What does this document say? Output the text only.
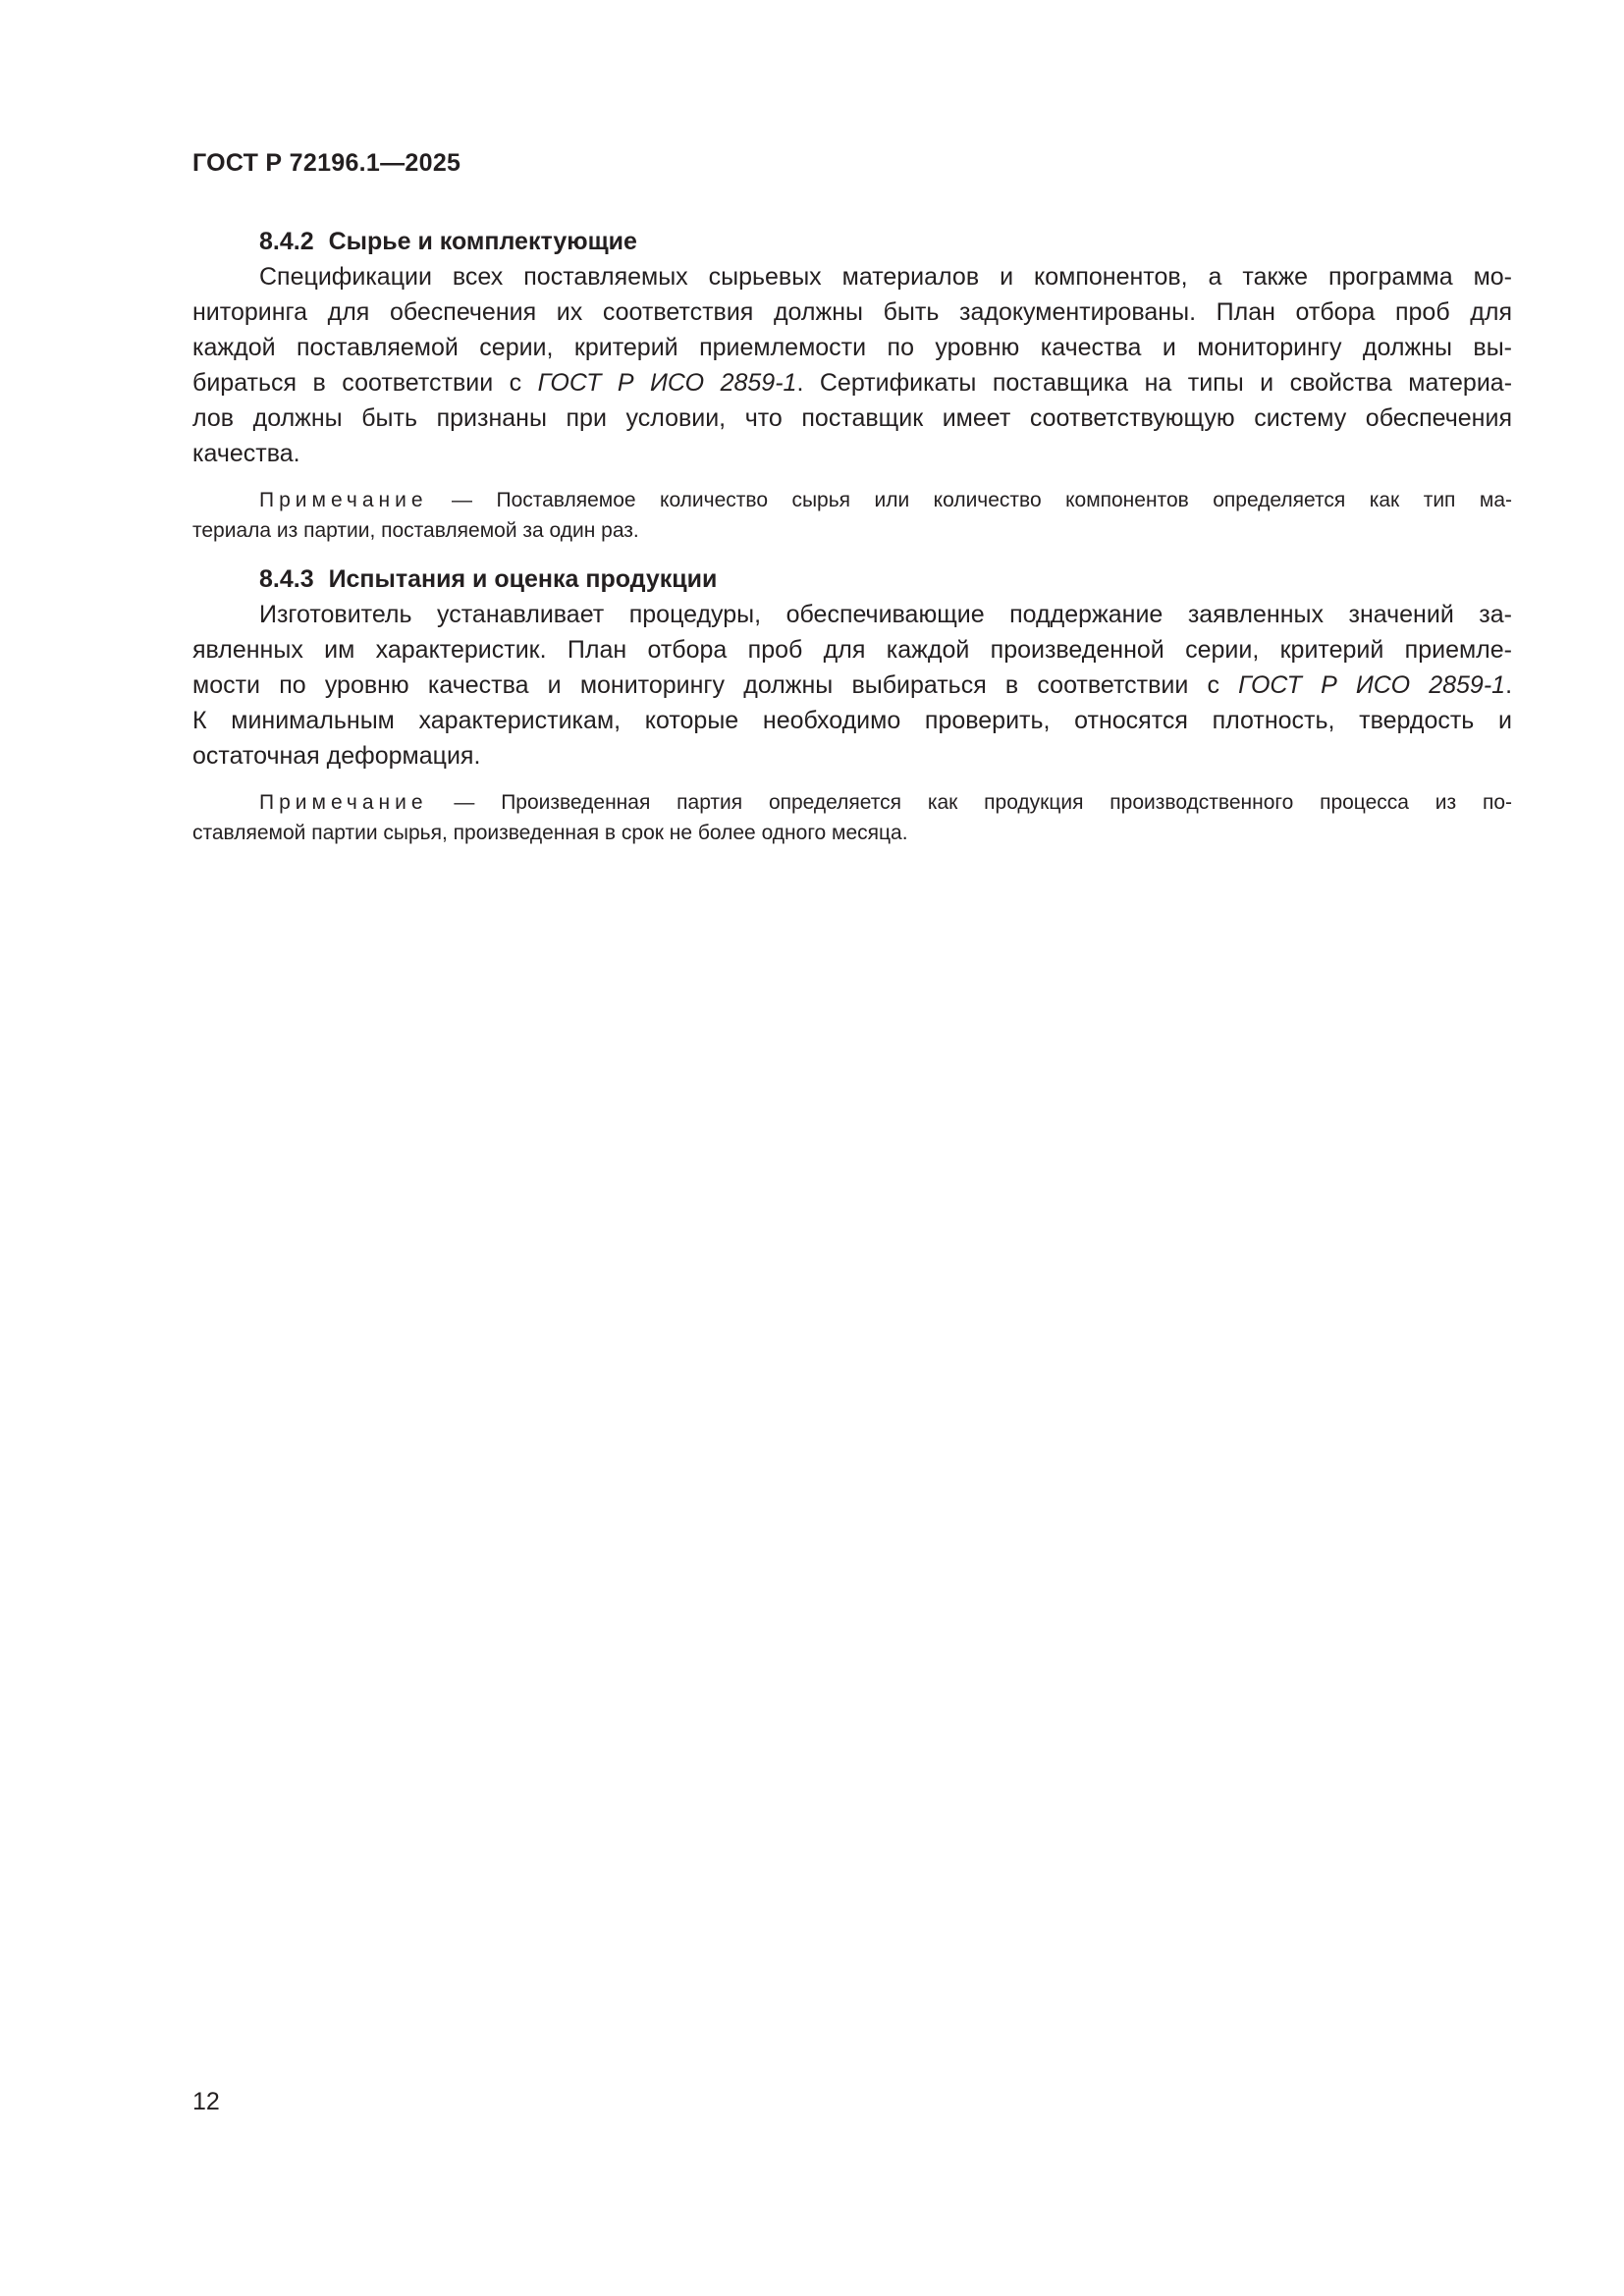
ГОСТ Р 72196.1—2025
8.4.2 Сырье и комплектующие
Спецификации всех поставляемых сырьевых материалов и компонентов, а также программа мо-
ниторинга для обеспечения их соответствия должны быть задокументированы. План отбора проб для
каждой поставляемой серии, критерий приемлемости по уровню качества и мониторингу должны вы-
бираться в соответствии с ГОСТ Р ИСО 2859-1. Сертификаты поставщика на типы и свойства материа-
лов должны быть признаны при условии, что поставщик имеет соответствующую систему обеспечения
качества.
Примечание — Поставляемое количество сырья или количество компонентов определяется как тип ма-
териала из партии, поставляемой за один раз.
8.4.3 Испытания и оценка продукции
Изготовитель устанавливает процедуры, обеспечивающие поддержание заявленных значений за-
явленных им характеристик. План отбора проб для каждой произведенной серии, критерий приемле-
мости по уровню качества и мониторингу должны выбираться в соответствии с ГОСТ Р ИСО 2859-1.
К минимальным характеристикам, которые необходимо проверить, относятся плотность, твердость и
остаточная деформация.
Примечание — Произведенная партия определяется как продукция производственного процесса из по-
ставляемой партии сырья, произведенная в срок не более одного месяца.
12
